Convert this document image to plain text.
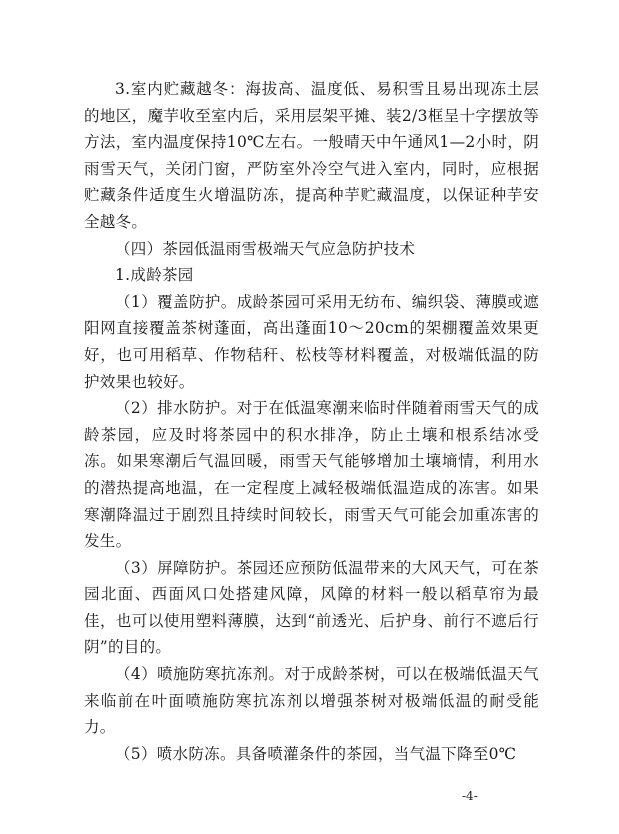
3.室内贮藏越冬：海拔高、温度低、易积雪且易出现冻土层的地区，魔芋收至室内后，采用层架平摊、装2/3框呈十字摆放等方法，室内温度保持10℃左右。一般晴天中午通风1—2小时，阴雨雪天气，关闭门窗，严防室外冷空气进入室内，同时，应根据贮藏条件适度生火增温防冻，提高种芋贮藏温度，以保证种芋安全越冬。

（四）茶园低温雨雪极端天气应急防护技术

1.成龄茶园

（1）覆盖防护。成龄茶园可采用无纺布、编织袋、薄膜或遮阳网直接覆盖茶树蓬面，高出蓬面10～20cm的架棚覆盖效果更好，也可用稻草、作物秸秆、松枝等材料覆盖，对极端低温的防护效果也较好。

（2）排水防护。对于在低温寒潮来临时伴随着雨雪天气的成龄茶园，应及时将茶园中的积水排净，防止土壤和根系结冰受冻。如果寒潮后气温回暖，雨雪天气能够增加土壤墒情，利用水的潜热提高地温，在一定程度上减轻极端低温造成的冻害。如果寒潮降温过于剧烈且持续时间较长，雨雪天气可能会加重冻害的发生。

（3）屏障防护。茶园还应预防低温带来的大风天气，可在茶园北面、西面风口处搭建风障，风障的材料一般以稻草帘为最佳，也可以使用塑料薄膜，达到“前透光、后护身、前行不遮后行阴”的目的。

（4）喷施防寒抗冻剂。对于成龄茶树，可以在极端低温天气来临前在叶面喷施防寒抗冻剂以增强茶树对极端低温的耐受能力。

（5）喷水防冻。具备喷灌条件的茶园，当气温下降至0℃

-4-
